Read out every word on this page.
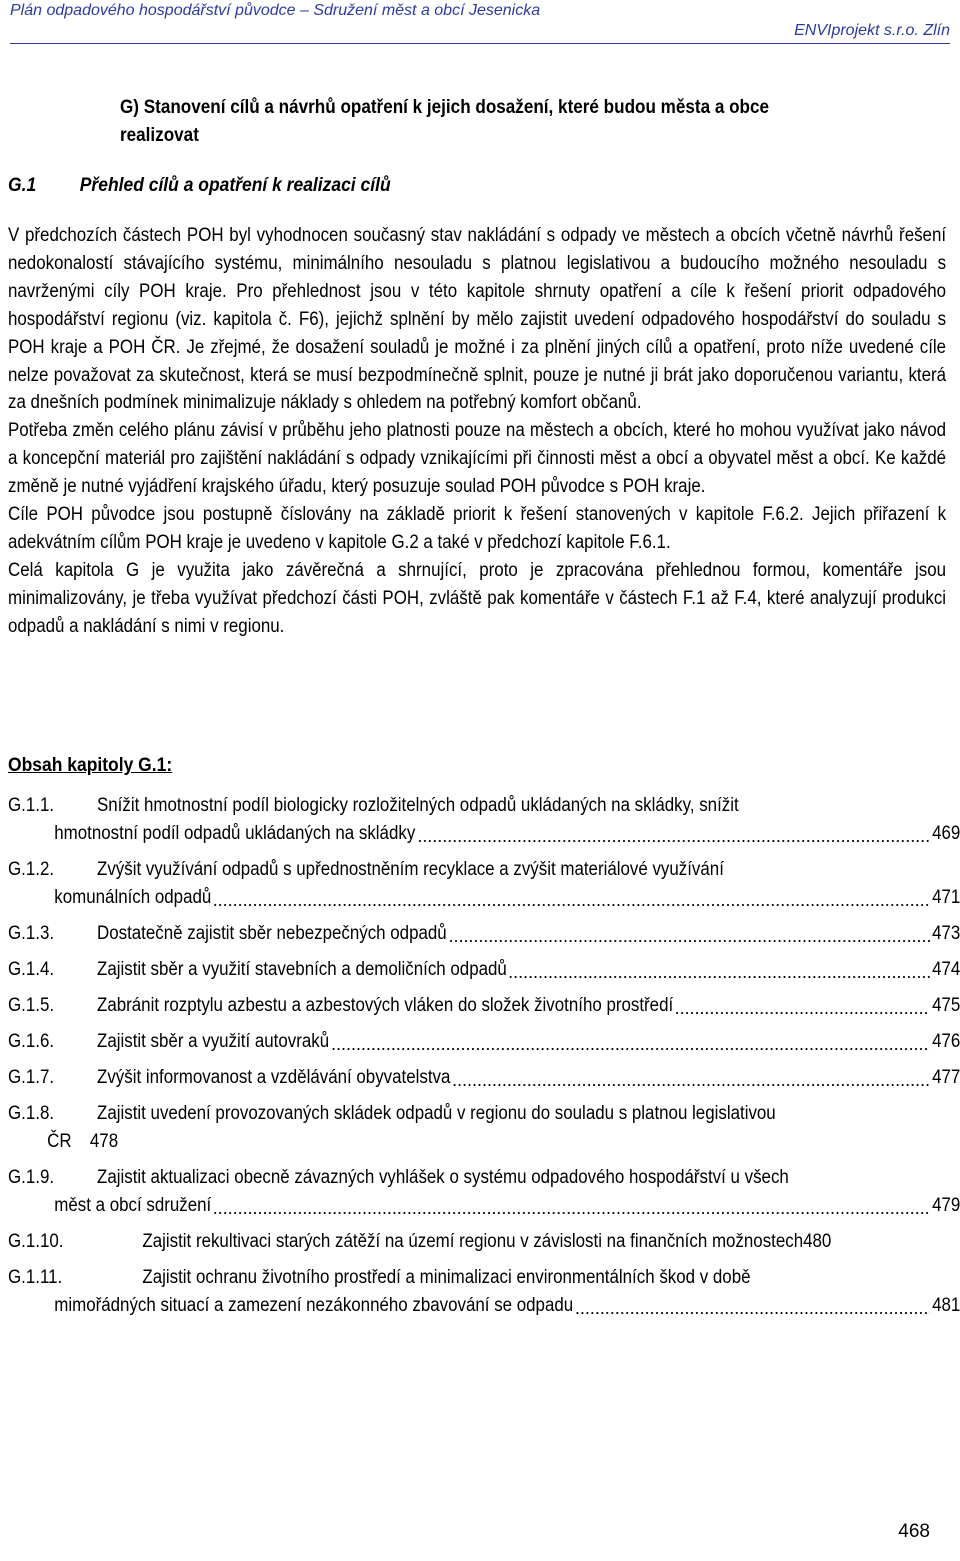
Plán odpadového hospodářství původce – Sdružení měst a obcí Jesenicka
ENVIprojekt s.r.o. Zlín
G) Stanovení cílů a návrhů opatření k jejich dosažení, které budou města a obce realizovat
G.1 Přehled cílů a opatření k realizaci cílů

V předchozích částech POH byl vyhodnocen současný stav nakládání s odpady ve městech a obcích včetně návrhů řešení nedokonalostí stávajícího systému, minimálního nesouladu s platnou legislativou a budoucího možného nesouladu s navrženými cíly POH kraje. Pro přehlednost jsou v této kapitole shrnuty opatření a cíle k řešení priorit odpadového hospodářství regionu (viz. kapitola č. F6), jejichž splnění by mělo zajistit uvedení odpadového hospodářství do souladu s POH kraje a POH ČR. Je zřejmé, že dosažení souladů je možné i za plnění jiných cílů a opatření, proto níže uvedené cíle nelze považovat za skutečnost, která se musí bezpodmínečně splnit, pouze je nutné ji brát jako doporučenou variantu, která za dnešních podmínek minimalizuje náklady s ohledem na potřebný komfort občanů.

Potřeba změn celého plánu závisí v průběhu jeho platnosti pouze na městech a obcích, které ho mohou využívat jako návod a koncepční materiál pro zajištění nakládání s odpady vznikajícími při činnosti měst a obcí a obyvatel měst a obcí. Ke každé změně je nutné vyjádření krajského úřadu, který posuzuje soulad POH původce s POH kraje.

Cíle POH původce jsou postupně číslovány na základě priorit k řešení stanovených v kapitole F.6.2. Jejich přiřazení k adekvátním cílům POH kraje je uvedeno v kapitole G.2 a také v předchozí kapitole F.6.1.

Celá kapitola G je využita jako závěrečná a shrnující, proto je zpracována přehlednou formou, komentáře jsou minimalizovány, je třeba využívat předchozí části POH, zvláště pak komentáře v částech F.1 až F.4, které analyzují produkci odpadů a nakládání s nimi v regionu.

Obsah kapitoly G.1:
G.1.1.	Snížit hmotnostní podíl biologicky rozložitelných odpadů ukládaných na skládky, snížit
hmotnostní podíl odpadů ukládaných na skládky	469
G.1.2.	Zvýšit využívání odpadů s upřednostněním recyklace a zvýšit materiálové využívání
komunálních odpadů	471
G.1.3.	Dostatečně zajistit sběr nebezpečných odpadů	473
G.1.4.	Zajistit sběr a využití stavebních a demoličních odpadů	474
G.1.5.	Zabránit rozptylu azbestu a azbestových vláken do složek životního prostředí	475
G.1.6.	Zajistit sběr a využití autovraků	476
G.1.7.	Zvýšit informovanost a vzdělávání obyvatelstva	477
G.1.8.	Zajistit uvedení provozovaných skládek odpadů v regionu do souladu s platnou legislativou
ČR 478
G.1.9.	Zajistit aktualizaci obecně závazných vyhlášek o systému odpadového hospodářství u všech
měst a obcí sdružení	479
G.1.10.	Zajistit rekultivaci starých zátěží na území regionu v závislosti na finančních možnostech 480
G.1.11.	Zajistit ochranu životního prostředí a minimalizaci environmentálních škod v době
mimořádných situací a zamezení nezákonného zbavování se odpadu	481
468
